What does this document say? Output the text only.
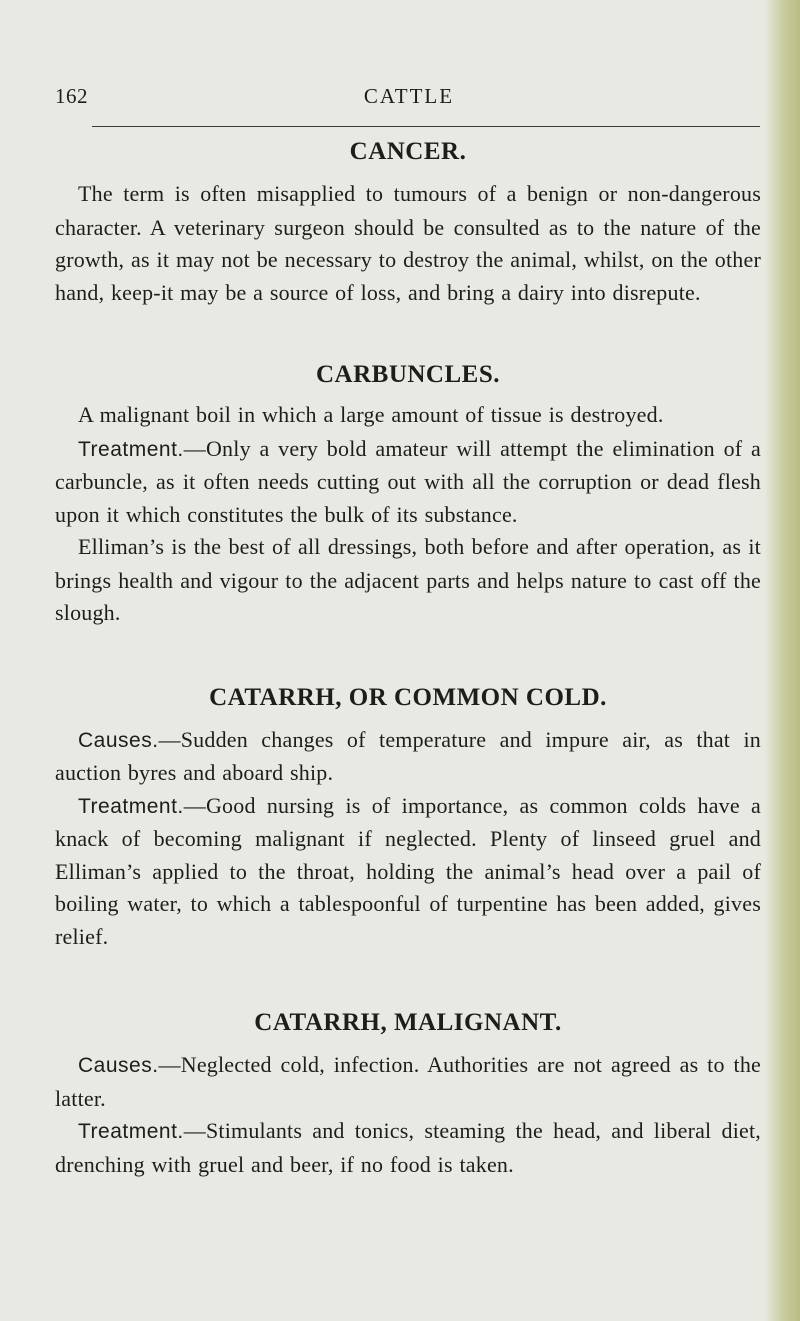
162	CATTLE
CANCER.

The term is often misapplied to tumours of a benign or non-dangerous character. A veterinary surgeon should be consulted as to the nature of the growth, as it may not be necessary to destroy the animal, whilst, on the other hand, keep-it may be a source of loss, and bring a dairy into disrepute.

CARBUNCLES.

A malignant boil in which a large amount of tissue is destroyed.

Treatment.—Only a very bold amateur will attempt the elimination of a carbuncle, as it often needs cutting out with all the corruption or dead flesh upon it which constitutes the bulk of its substance.

Elliman’s is the best of all dressings, both before and after operation, as it brings health and vigour to the adjacent parts and helps nature to cast off the slough.

CATARRH, OR COMMON COLD.

Causes.—Sudden changes of temperature and impure air, as that in auction byres and aboard ship.

Treatment.—Good nursing is of importance, as common colds have a knack of becoming malignant if neglected. Plenty of linseed gruel and Elliman’s applied to the throat, holding the animal’s head over a pail of boiling water, to which a tablespoonful of turpentine has been added, gives relief.

CATARRH, MALIGNANT.

Causes.—Neglected cold, infection. Authorities are not agreed as to the latter.

Treatment.—Stimulants and tonics, steaming the head, and liberal diet, drenching with gruel and beer, if no food is taken.
